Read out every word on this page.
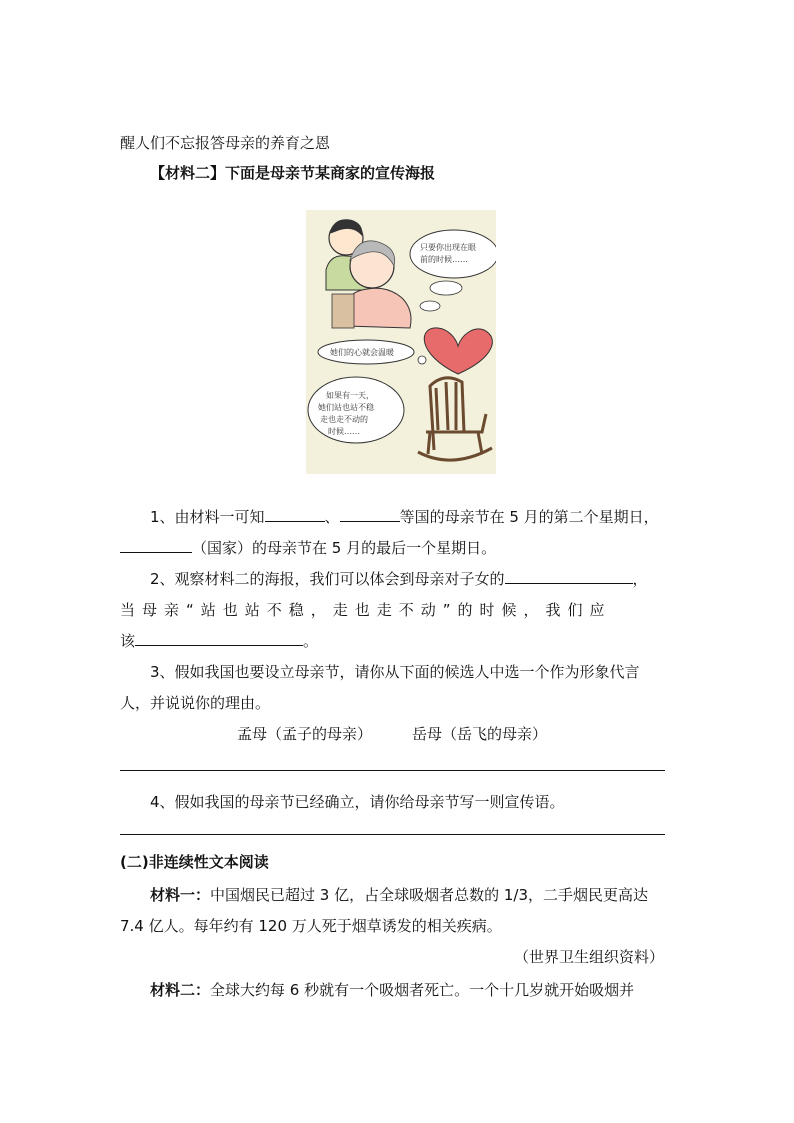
醒人们不忘报答母亲的养育之恩
【材料二】下面是母亲节某商家的宣传海报
只要你出现在眼
前的时候……
她们的心就会温暖
如果有一天，
她们站也站不稳
走也走不动的
时候……
1、由材料一可知	、	等国的母亲节在 5 月的第二个星期日，
（国家）的母亲节在 5 月的最后一个星期日。
2、观察材料二的海报，我们可以体会到母亲对子女的	，
当母亲“站也站不稳，走也走不动”的时候，我们应
该	。
3、假如我国也要设立母亲节，请你从下面的候选人中选一个作为形象代言
人，并说说你的理由。
孟母（孟子的母亲）	岳母（岳飞的母亲）
4、假如我国的母亲节已经确立，请你给母亲节写一则宣传语。
(二)非连续性文本阅读
材料一：中国烟民已超过 3 亿，占全球吸烟者总数的 1/3，二手烟民更高达
7.4 亿人。每年约有 120 万人死于烟草诱发的相关疾病。
（世界卫生组织资料）
材料二：全球大约每 6 秒就有一个吸烟者死亡。一个十几岁就开始吸烟并
